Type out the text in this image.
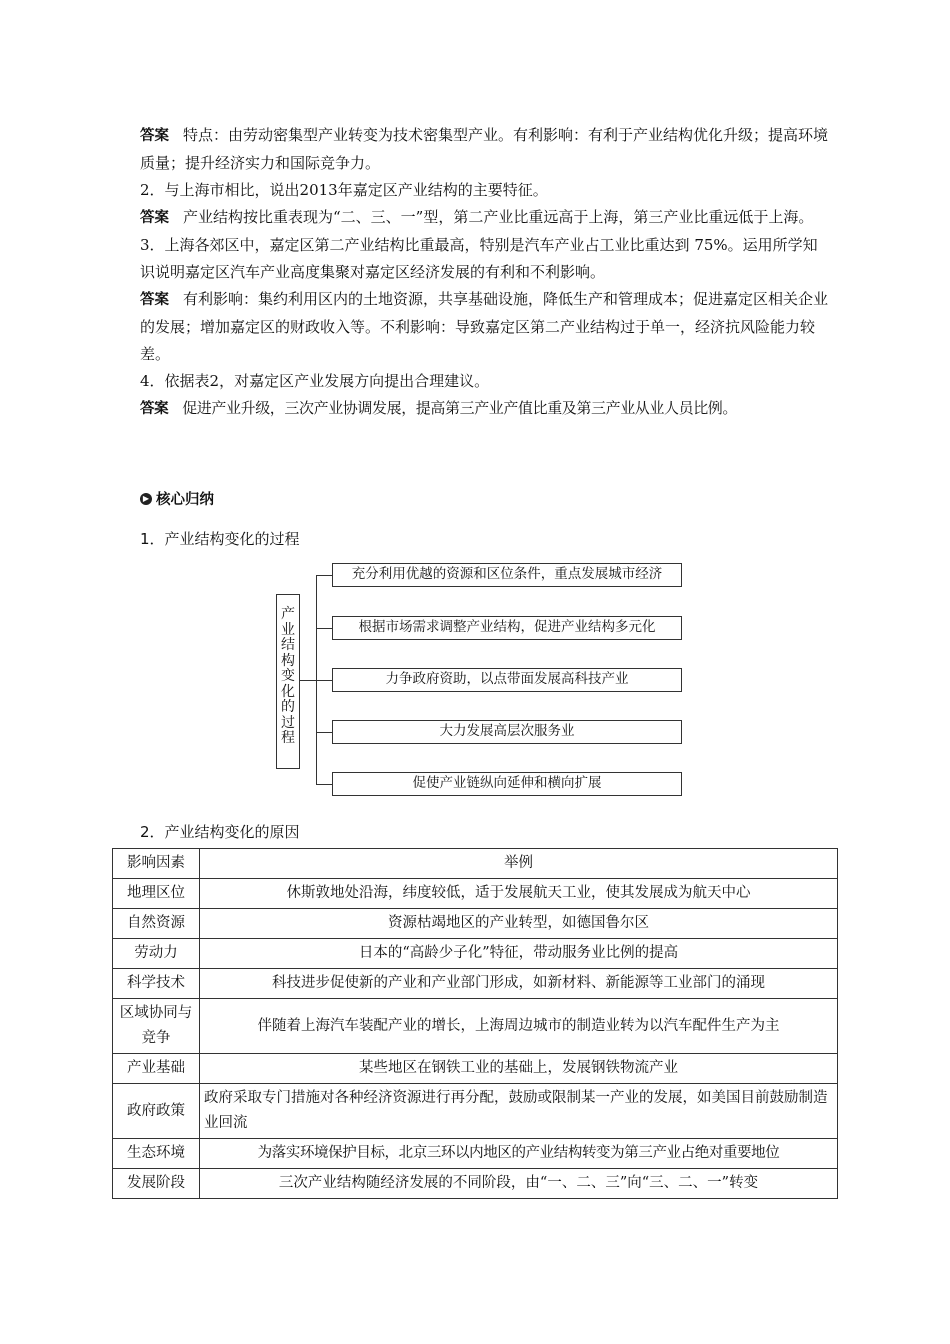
答案 特点：由劳动密集型产业转变为技术密集型产业。有利影响：有利于产业结构优化升级；提高环境质量；提升经济实力和国际竞争力。

2．与上海市相比，说出2013年嘉定区产业结构的主要特征。

答案 产业结构按比重表现为“二、三、一”型，第二产业比重远高于上海，第三产业比重远低于上海。

3．上海各郊区中，嘉定区第二产业结构比重最高，特别是汽车产业占工业比重达到 75%。运用所学知识说明嘉定区汽车产业高度集聚对嘉定区经济发展的有利和不利影响。

答案 有利影响：集约利用区内的土地资源，共享基础设施，降低生产和管理成本；促进嘉定区相关企业的发展；增加嘉定区的财政收入等。不利影响：导致嘉定区第二产业结构过于单一，经济抗风险能力较差。

4．依据表2，对嘉定区产业发展方向提出合理建议。

答案 促进产业升级，三次产业协调发展，提高第三产业产值比重及第三产业从业人员比例。

▶ 核心归纳
1．产业结构变化的过程
产
业
结
构
变
化
的
过
程
充分利用优越的资源和区位条件，重点发展城市经济
根据市场需求调整产业结构，促进产业结构多元化
力争政府资助，以点带面发展高科技产业
大力发展高层次服务业
促使产业链纵向延伸和横向扩展
2．产业结构变化的原因
影响因素	举例
地理区位	休斯敦地处沿海，纬度较低，适于发展航天工业，使其发展成为航天中心
自然资源	资源枯竭地区的产业转型，如德国鲁尔区
劳动力	日本的“高龄少子化”特征，带动服务业比例的提高
科学技术	科技进步促使新的产业和产业部门形成，如新材料、新能源等工业部门的涌现
区域协同与竞争	伴随着上海汽车装配产业的增长，上海周边城市的制造业转为以汽车配件生产为主
产业基础	某些地区在钢铁工业的基础上，发展钢铁物流产业
政府政策	政府采取专门措施对各种经济资源进行再分配，鼓励或限制某一产业的发展，如美国目前鼓励制造业回流
生态环境	为落实环境保护目标，北京三环以内地区的产业结构转变为第三产业占绝对重要地位
发展阶段	三次产业结构随经济发展的不同阶段，由“一、二、三”向“三、二、一”转变
